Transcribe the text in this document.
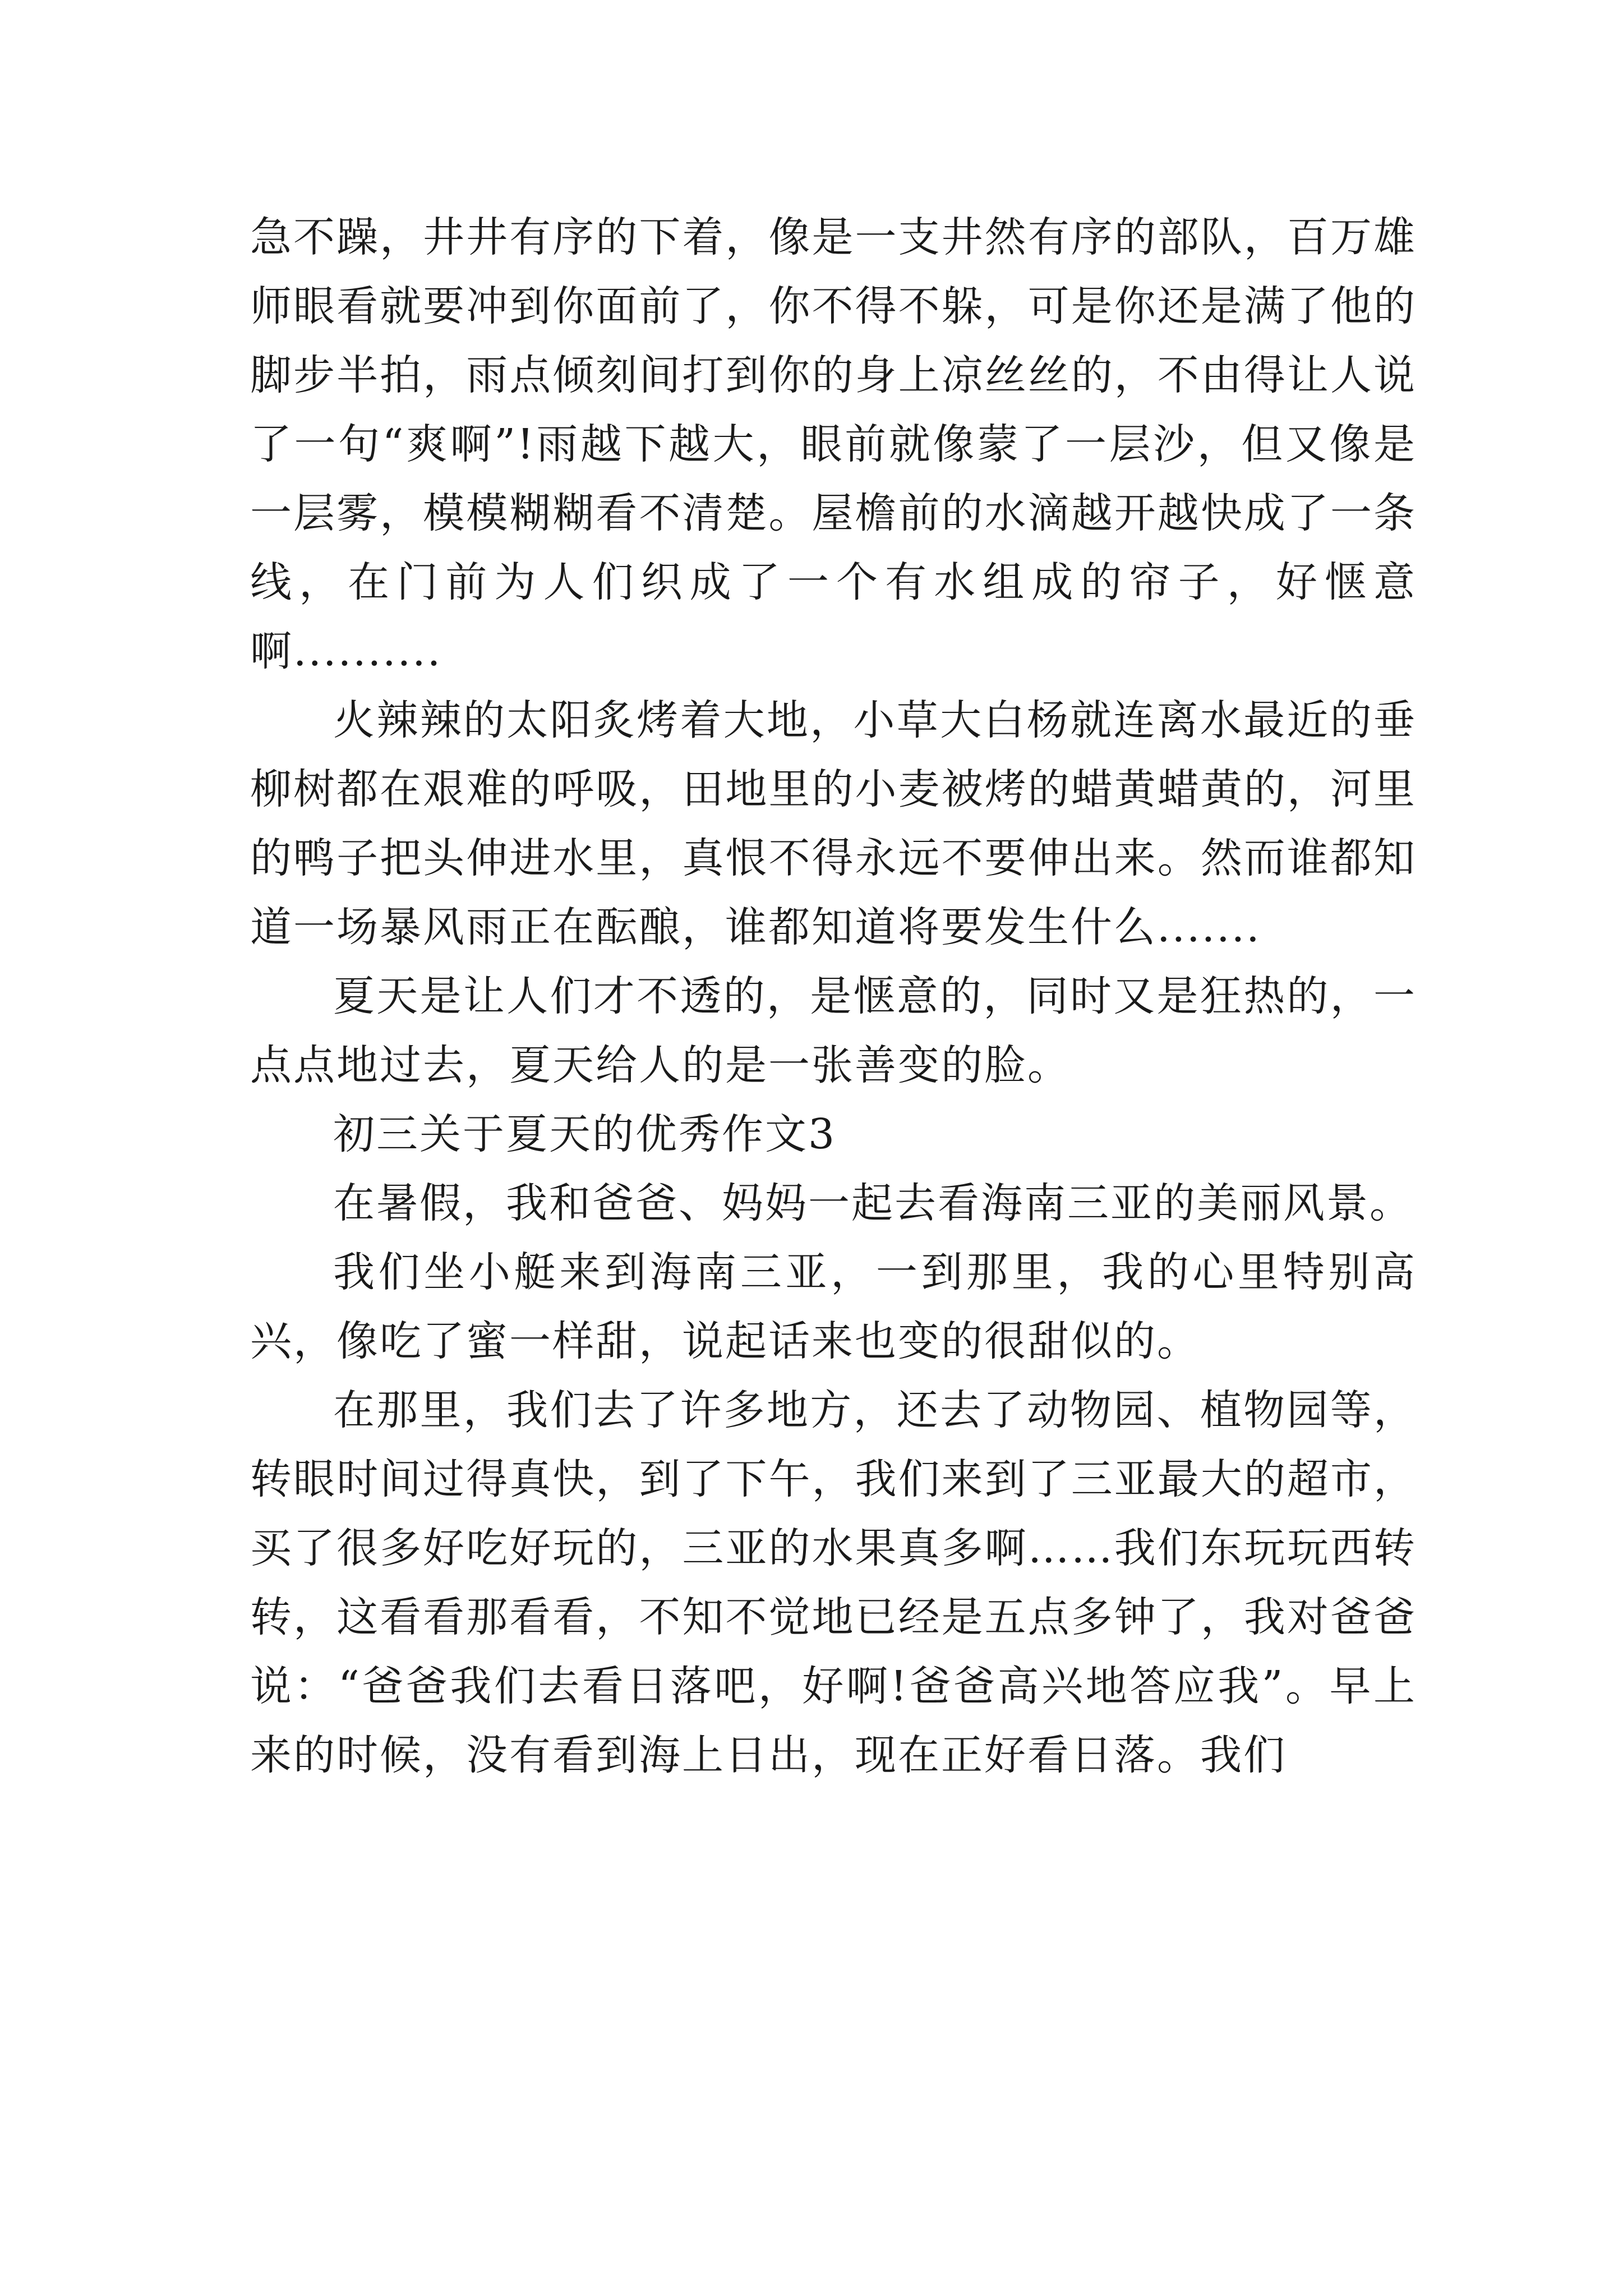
急不躁，井井有序的下着，像是一支井然有序的部队，百万雄师眼看就要冲到你面前了，你不得不躲，可是你还是满了他的脚步半拍，雨点倾刻间打到你的身上凉丝丝的，不由得让人说了一句“爽啊”!雨越下越大，眼前就像蒙了一层沙，但又像是一层雾，模模糊糊看不清楚。屋檐前的水滴越开越快成了一条线，在门前为人们织成了一个有水组成的帘子，好惬意啊..........

火辣辣的太阳炙烤着大地，小草大白杨就连离水最近的垂柳树都在艰难的呼吸，田地里的小麦被烤的蜡黄蜡黄的，河里的鸭子把头伸进水里，真恨不得永远不要伸出来。然而谁都知道一场暴风雨正在酝酿，谁都知道将要发生什么.......

夏天是让人们才不透的，是惬意的，同时又是狂热的，一点点地过去，夏天给人的是一张善变的脸。

初三关于夏天的优秀作文3

在暑假，我和爸爸、妈妈一起去看海南三亚的美丽风景。

我们坐小艇来到海南三亚，一到那里，我的心里特别高兴，像吃了蜜一样甜，说起话来也变的很甜似的。

在那里，我们去了许多地方，还去了动物园、植物园等，转眼时间过得真快，到了下午，我们来到了三亚最大的超市，买了很多好吃好玩的，三亚的水果真多啊……我们东玩玩西转转，这看看那看看，不知不觉地已经是五点多钟了，我对爸爸说：“爸爸我们去看日落吧，好啊!爸爸高兴地答应我”。早上来的时候，没有看到海上日出，现在正好看日落。我们
